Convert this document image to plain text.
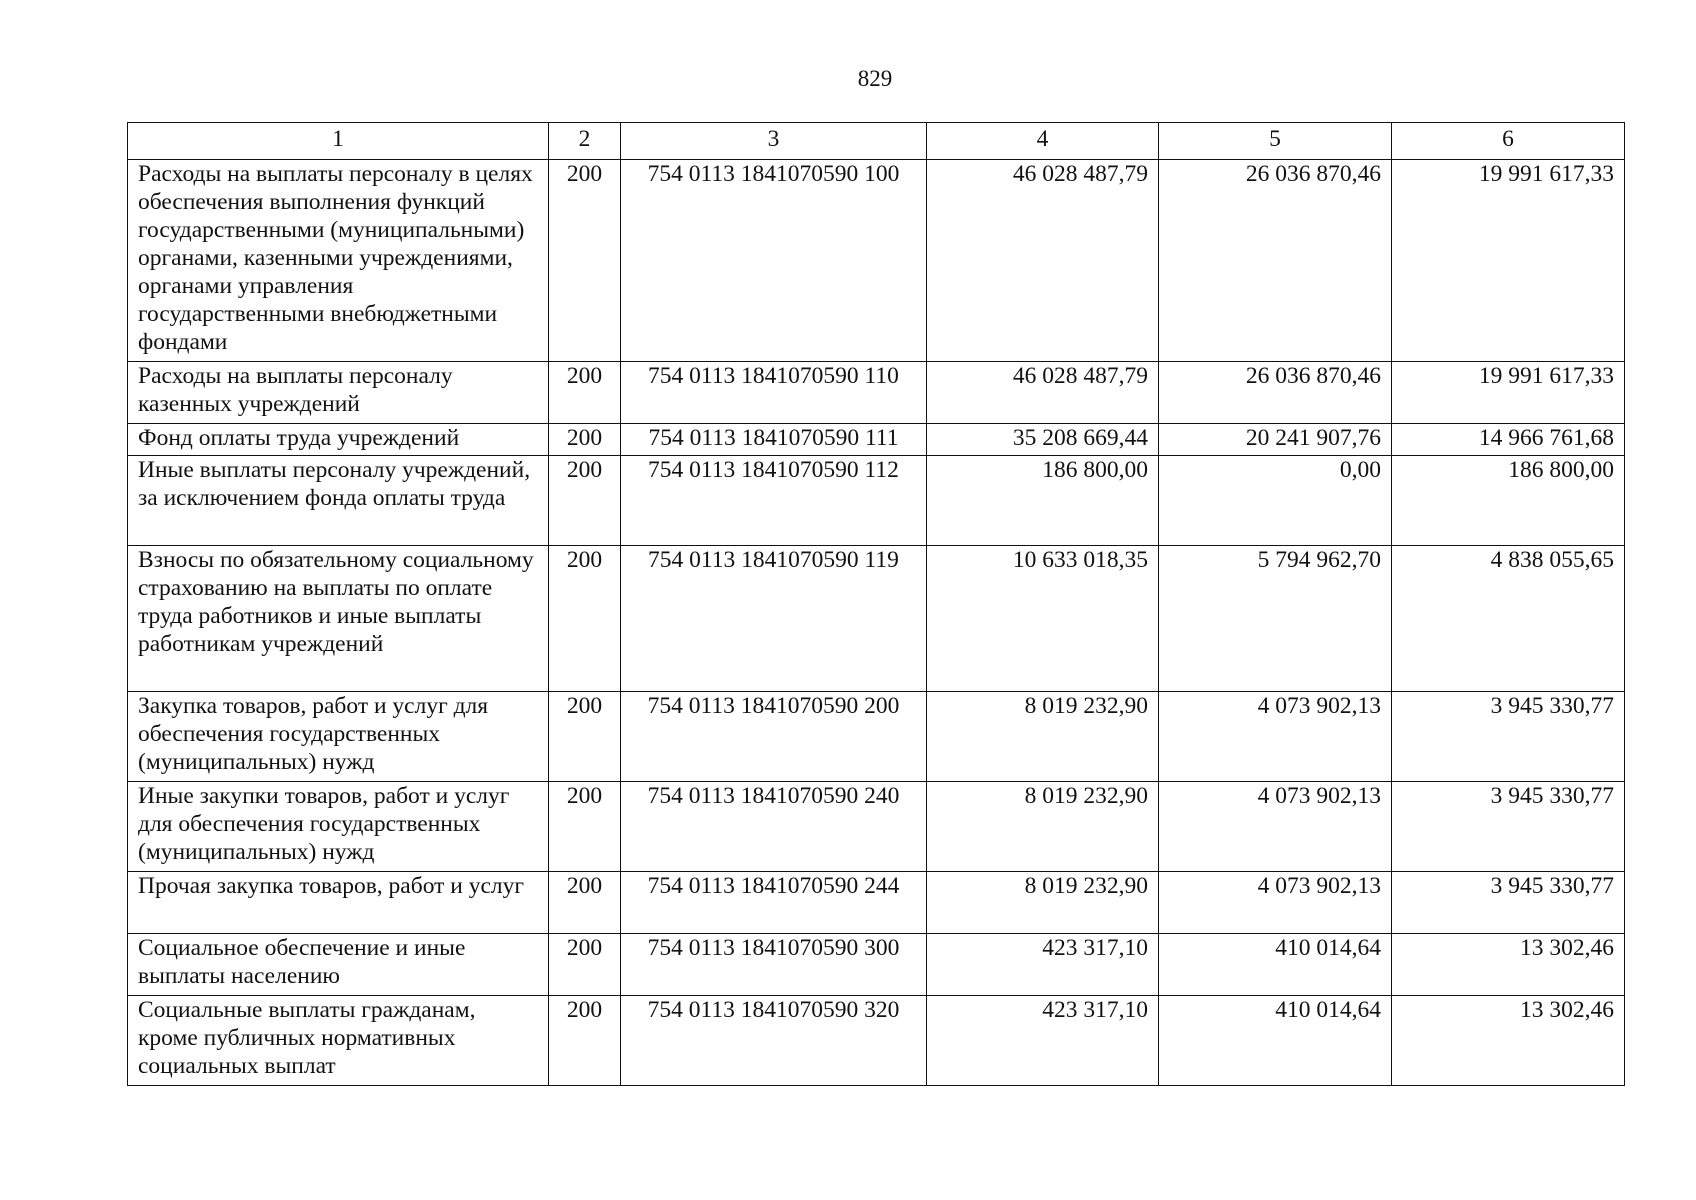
829
1	2	3	4	5	6
Расходы на выплаты персоналу в целях обеспечения выполнения функций государственными (муниципальными) органами, казенными учреждениями, органами управления государственными внебюджетными фондами	200	754 0113 1841070590 100	46 028 487,79	26 036 870,46	19 991 617,33
Расходы на выплаты персоналу казенных учреждений	200	754 0113 1841070590 110	46 028 487,79	26 036 870,46	19 991 617,33
Фонд оплаты труда учреждений	200	754 0113 1841070590 111	35 208 669,44	20 241 907,76	14 966 761,68
Иные выплаты персоналу учреждений, за исключением фонда оплаты труда	200	754 0113 1841070590 112	186 800,00	0,00	186 800,00
Взносы по обязательному социальному страхованию на выплаты по оплате труда работников и иные выплаты работникам учреждений	200	754 0113 1841070590 119	10 633 018,35	5 794 962,70	4 838 055,65
Закупка товаров, работ и услуг для обеспечения государственных (муниципальных) нужд	200	754 0113 1841070590 200	8 019 232,90	4 073 902,13	3 945 330,77
Иные закупки товаров, работ и услуг для обеспечения государственных (муниципальных) нужд	200	754 0113 1841070590 240	8 019 232,90	4 073 902,13	3 945 330,77
Прочая закупка товаров, работ и услуг	200	754 0113 1841070590 244	8 019 232,90	4 073 902,13	3 945 330,77
Социальное обеспечение и иные выплаты населению	200	754 0113 1841070590 300	423 317,10	410 014,64	13 302,46
Социальные выплаты гражданам, кроме публичных нормативных социальных выплат	200	754 0113 1841070590 320	423 317,10	410 014,64	13 302,46
